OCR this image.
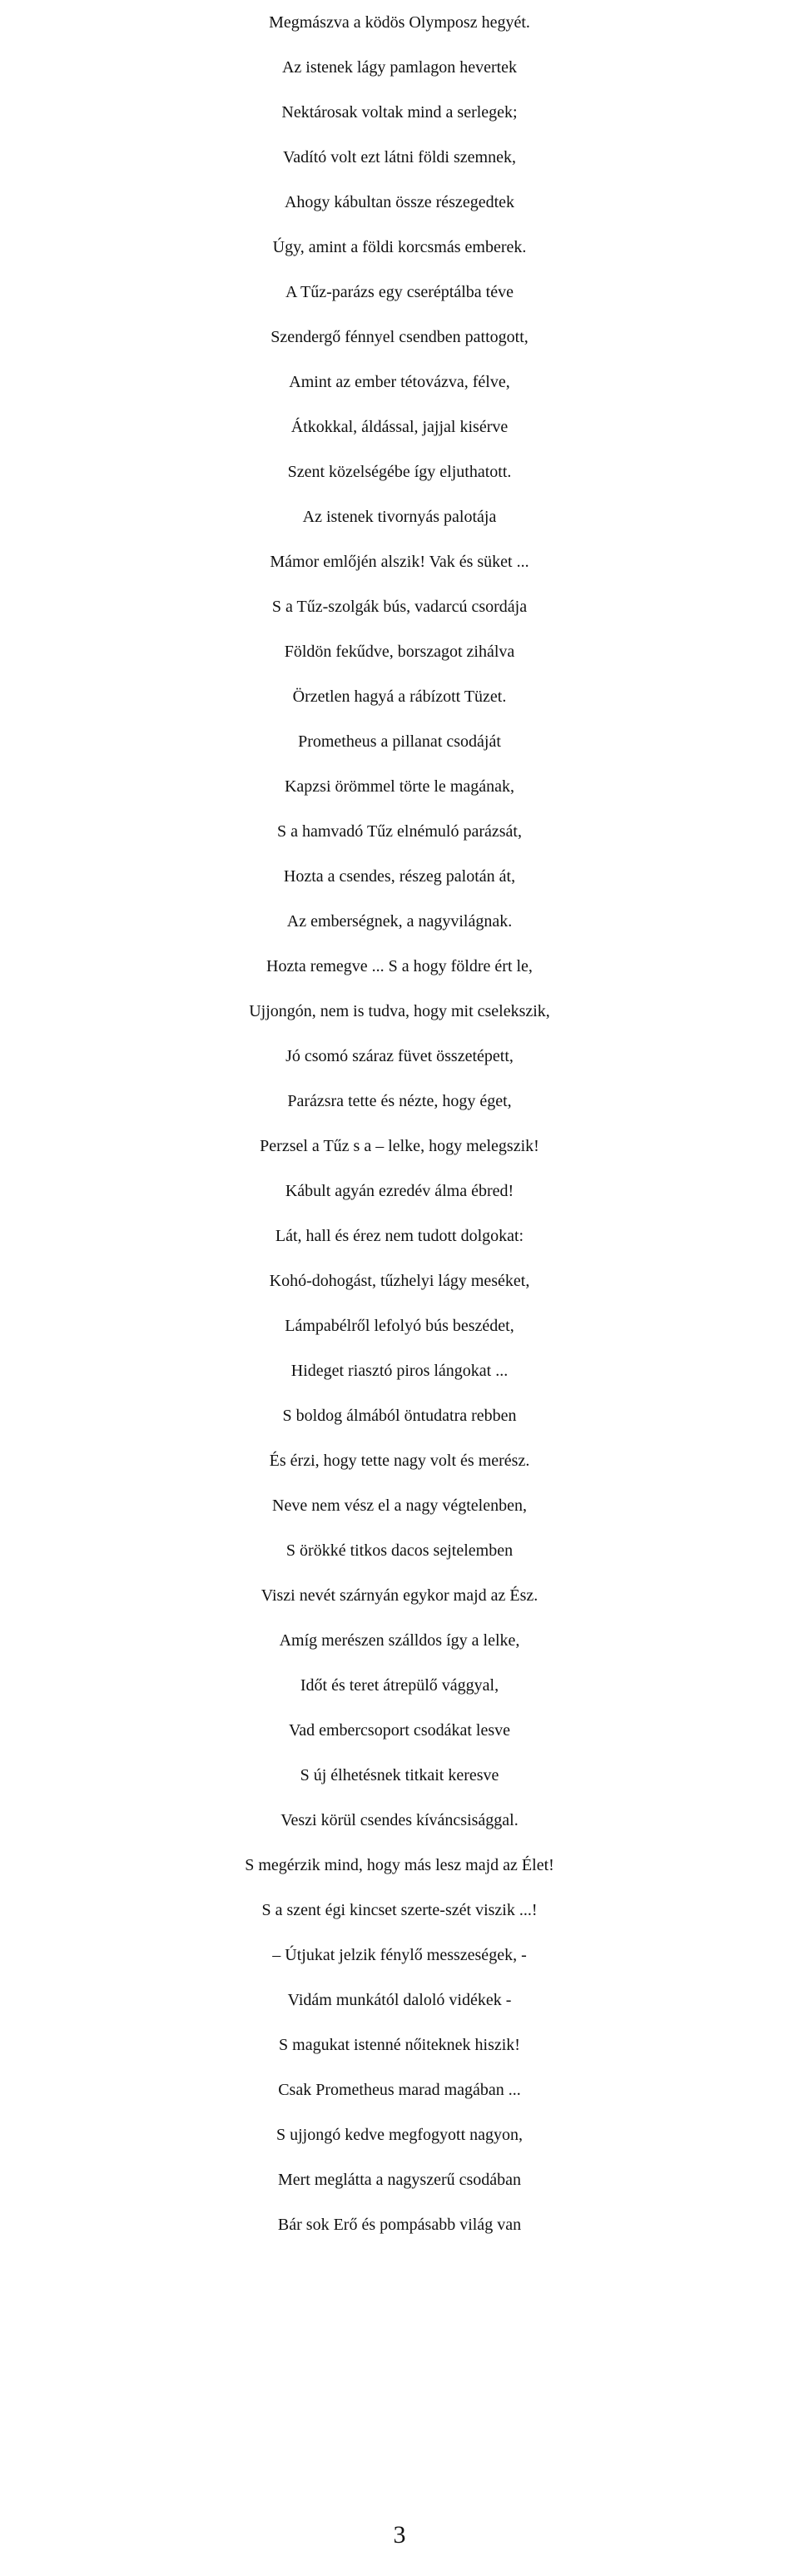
Megmászva a ködös Olymposz hegyét.
Az istenek lágy pamlagon hevertek
Nektárosak voltak mind a serlegek;
Vadító volt ezt látni földi szemnek,
Ahogy kábultan össze részegedtek
Úgy, amint a földi korcsmás emberek.
A Tűz-parázs egy cseréptálba téve
Szendergő fénnyel csendben pattogott,
Amint az ember tétovázva, félve,
Átkokkal, áldással, jajjal kisérve
Szent közelségébe így eljuthatott.
Az istenek tivornyás palotája
Mámor emlőjén alszik! Vak és süket ...
S a Tűz-szolgák bús, vadarcú csordája
Földön fekűdve, borszagot zihálva
Örzetlen hagyá a rábízott Tüzet.
Prometheus a pillanat csodáját
Kapzsi örömmel törte le magának,
S a hamvadó Tűz elnémuló parázsát,
Hozta a csendes, részeg palotán át,
Az emberségnek, a nagyvilágnak.
Hozta remegve ... S a hogy földre ért le,
Ujjongón, nem is tudva, hogy mit cselekszik,
Jó csomó száraz füvet összetépett,
Parázsra tette és nézte, hogy éget,
Perzsel a Tűz s a – lelke, hogy melegszik!
Kábult agyán ezredév álma ébred!
Lát, hall és érez nem tudott dolgokat:
Kohó-dohogást, tűzhelyi lágy meséket,
Lámpabélről lefolyó bús beszédet,
Hideget riasztó piros lángokat ...
S boldog álmából öntudatra rebben
És érzi, hogy tette nagy volt és merész.
Neve nem vész el a nagy végtelenben,
S örökké titkos dacos sejtelemben
Viszi nevét szárnyán egykor majd az Ész.
Amíg merészen szálldos így a lelke,
Időt és teret átrepülő vággyal,
Vad embercsoport csodákat lesve
S új élhetésnek titkait keresve
Veszi körül csendes kíváncsisággal.
S megérzik mind, hogy más lesz majd az Élet!
S a szent égi kincset szerte-szét viszik ...!
– Útjukat jelzik fénylő messzeségek, -
Vidám munkától daloló vidékek -
S magukat istenné nőiteknek hiszik!
Csak Prometheus marad magában ...
S ujjongó kedve megfogyott nagyon,
Mert meglátta a nagyszerű csodában
Bár sok Erő és pompásabb világ van
3
